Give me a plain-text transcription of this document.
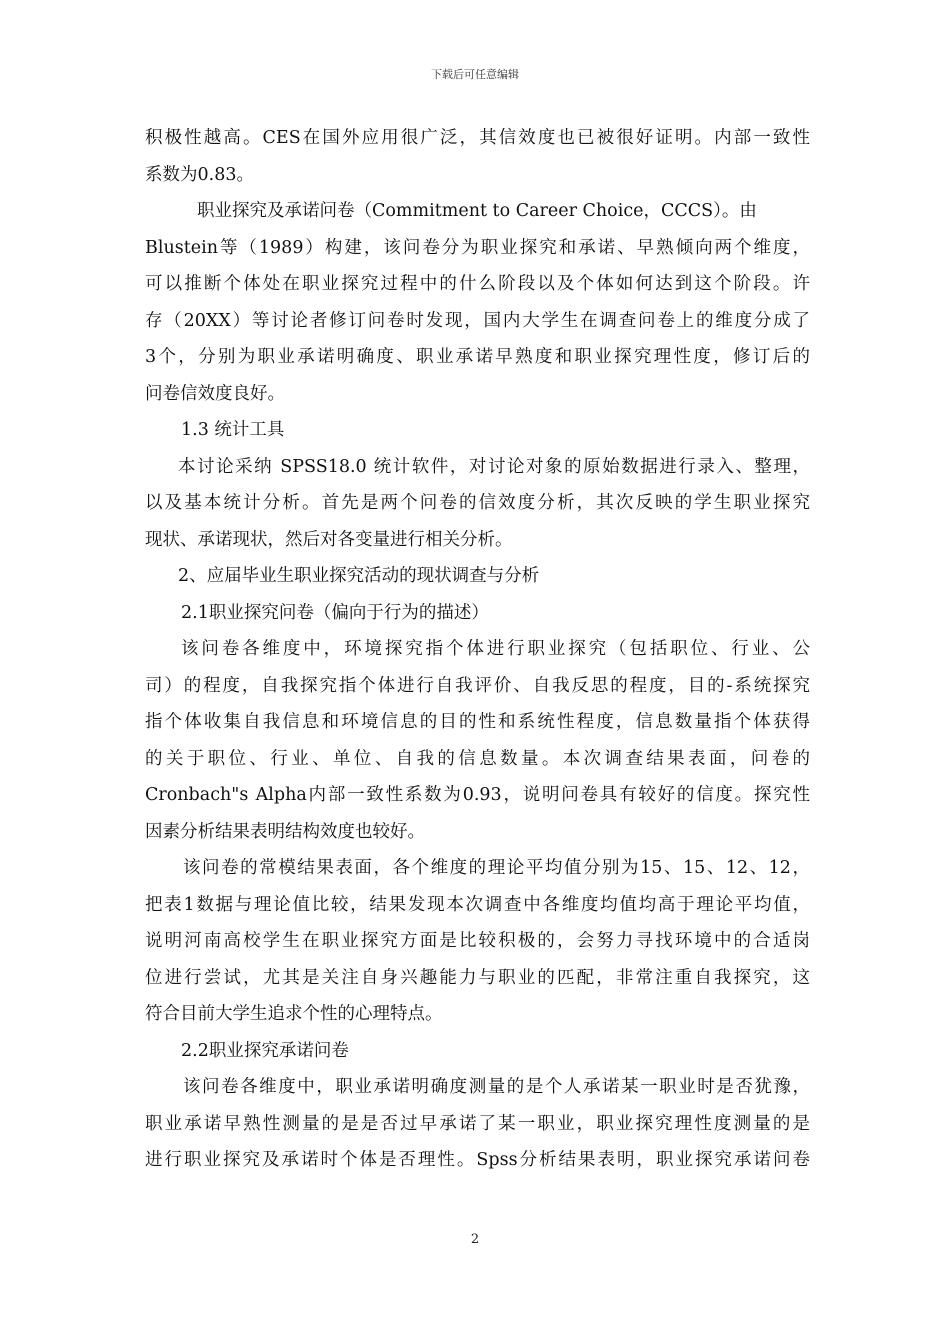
下载后可任意编辑
积极性越高。CES在国外应用很广泛，其信效度也已被很好证明。内部一致性
系数为0.83。
职业探究及承诺问卷（Commitment to Career Choice，CCCS）。由
Blustein等（1989）构建，该问卷分为职业探究和承诺、早熟倾向两个维度，
可以推断个体处在职业探究过程中的什么阶段以及个体如何达到这个阶段。许
存（20XX）等讨论者修订问卷时发现，国内大学生在调查问卷上的维度分成了
3个，分别为职业承诺明确度、职业承诺早熟度和职业探究理性度，修订后的
问卷信效度良好。
1.3 统计工具
本讨论采纳 SPSS18.0 统计软件，对讨论对象的原始数据进行录入、整理，
以及基本统计分析。首先是两个问卷的信效度分析，其次反映的学生职业探究
现状、承诺现状，然后对各变量进行相关分析。
2、应届毕业生职业探究活动的现状调查与分析
2.1职业探究问卷（偏向于行为的描述）
该问卷各维度中，环境探究指个体进行职业探究（包括职位、行业、公
司）的程度，自我探究指个体进行自我评价、自我反思的程度，目的-系统探究
指个体收集自我信息和环境信息的目的性和系统性程度，信息数量指个体获得
的关于职位、行业、单位、自我的信息数量。本次调查结果表面，问卷的
Cronbach"s Alpha内部一致性系数为0.93，说明问卷具有较好的信度。探究性
因素分析结果表明结构效度也较好。
该问卷的常模结果表面，各个维度的理论平均值分别为15、15、12、12，
把表1数据与理论值比较，结果发现本次调查中各维度均值均高于理论平均值，
说明河南高校学生在职业探究方面是比较积极的，会努力寻找环境中的合适岗
位进行尝试，尤其是关注自身兴趣能力与职业的匹配，非常注重自我探究，这
符合目前大学生追求个性的心理特点。
2.2职业探究承诺问卷
该问卷各维度中，职业承诺明确度测量的是个人承诺某一职业时是否犹豫，
职业承诺早熟性测量的是是否过早承诺了某一职业，职业探究理性度测量的是
进行职业探究及承诺时个体是否理性。Spss分析结果表明，职业探究承诺问卷
2
